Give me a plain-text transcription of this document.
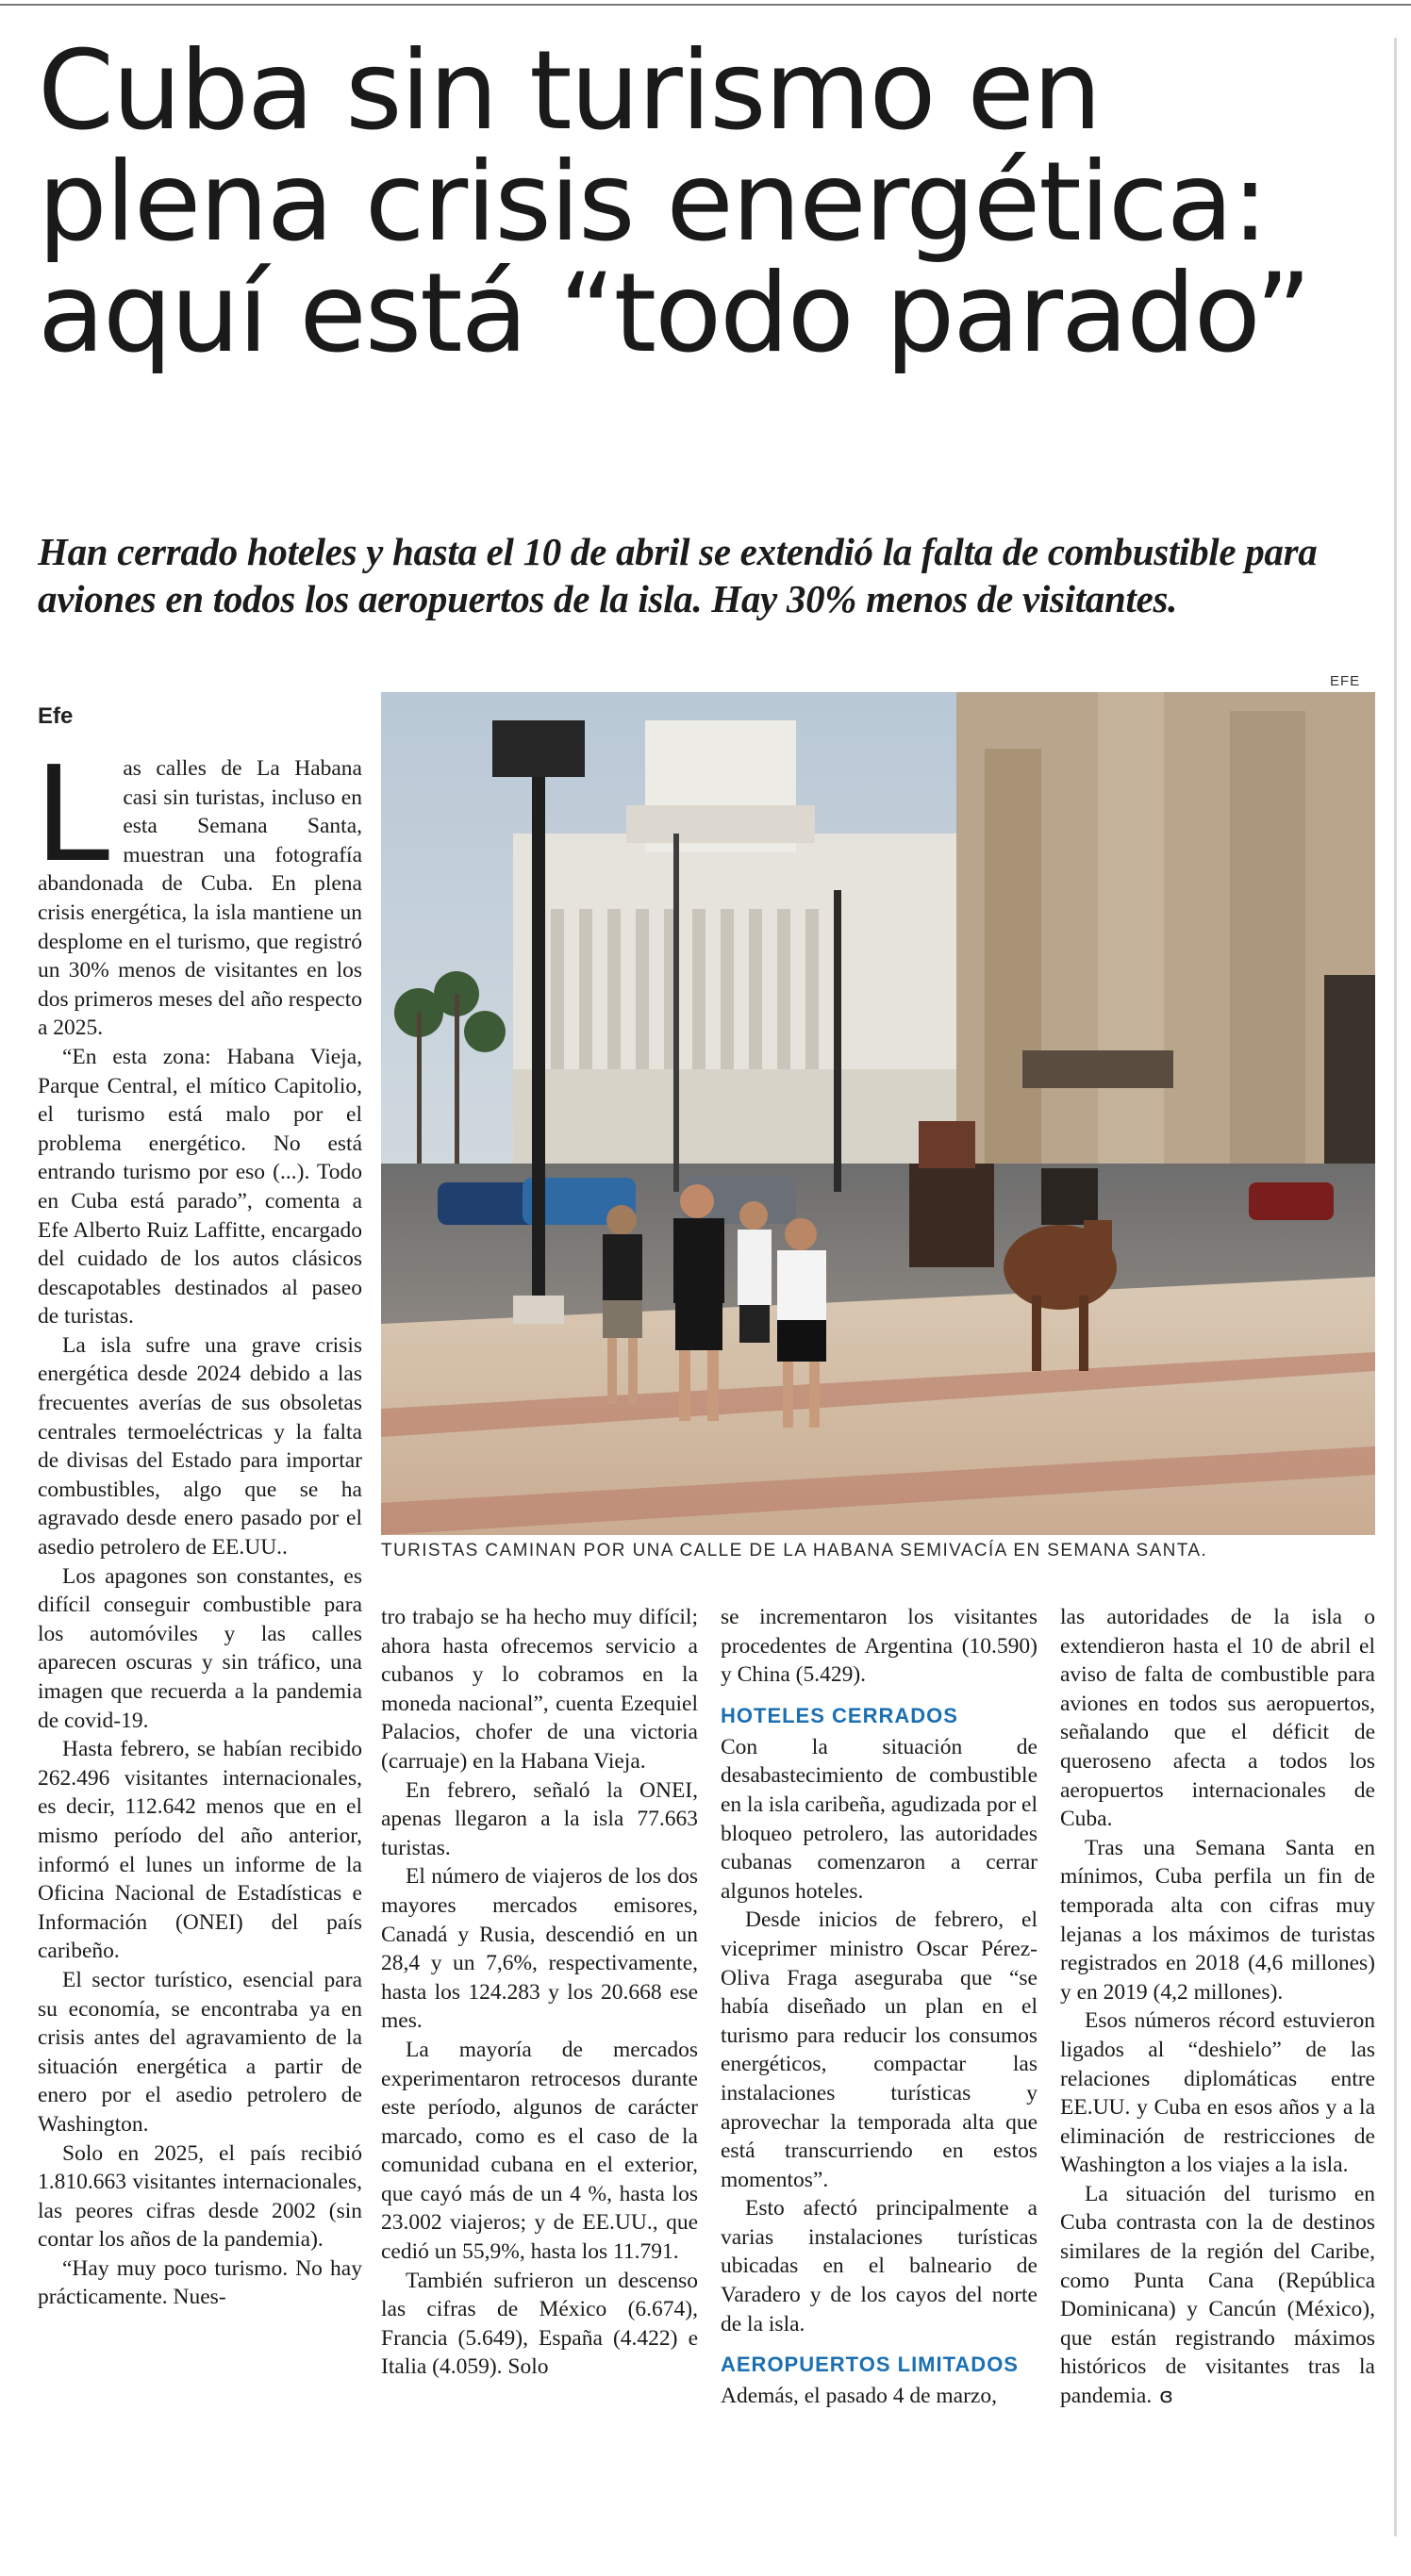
Cuba sin turismo en plena crisis energética: aquí está “todo parado”

Han cerrado hoteles y hasta el 10 de abril se extendió la falta de combustible para aviones en todos los aeropuertos de la isla. Hay 30% menos de visitantes.

Efe
EFE
TURISTAS CAMINAN POR UNA CALLE DE LA HABANA SEMIVACÍA EN SEMANA SANTA.

Las calles de La Habana casi sin turistas, incluso en esta Semana Santa, muestran una fotografía abandonada de Cuba. En plena crisis energética, la isla mantiene un desplome en el turismo, que registró un 30% menos de visitantes en los dos primeros meses del año respecto a 2025.

“En esta zona: Habana Vieja, Parque Central, el mítico Capitolio, el turismo está malo por el problema energético. No está entrando turismo por eso (...). Todo en Cuba está parado”, comenta a Efe Alberto Ruiz Laffitte, encargado del cuidado de los autos clásicos descapotables destinados al paseo de turistas.

La isla sufre una grave crisis energética desde 2024 debido a las frecuentes averías de sus obsoletas centrales termoeléctricas y la falta de divisas del Estado para importar combustibles, algo que se ha agravado desde enero pasado por el asedio petrolero de EE.UU..

Los apagones son constantes, es difícil conseguir combustible para los automóviles y las calles aparecen oscuras y sin tráfico, una imagen que recuerda a la pandemia de covid-19.

Hasta febrero, se habían recibido 262.496 visitantes internacionales, es decir, 112.642 menos que en el mismo período del año anterior, informó el lunes un informe de la Oficina Nacional de Estadísticas e Información (ONEI) del país caribeño.

El sector turístico, esencial para su economía, se encontraba ya en crisis antes del agravamiento de la situación energética a partir de enero por el asedio petrolero de Washington.

Solo en 2025, el país recibió 1.810.663 visitantes internacionales, las peores cifras desde 2002 (sin contar los años de la pandemia).

“Hay muy poco turismo. No hay prácticamente. Nues-

tro trabajo se ha hecho muy difícil; ahora hasta ofrecemos servicio a cubanos y lo cobramos en la moneda nacional”, cuenta Ezequiel Palacios, chofer de una victoria (carruaje) en la Habana Vieja.

En febrero, señaló la ONEI, apenas llegaron a la isla 77.663 turistas.

El número de viajeros de los dos mayores mercados emisores, Canadá y Rusia, descendió en un 28,4 y un 7,6%, respectivamente, hasta los 124.283 y los 20.668 ese mes.

La mayoría de mercados experimentaron retrocesos durante este período, algunos de carácter marcado, como es el caso de la comunidad cubana en el exterior, que cayó más de un 4 %, hasta los 23.002 viajeros; y de EE.UU., que cedió un 55,9%, hasta los 11.791.

También sufrieron un descenso las cifras de México (6.674), Francia (5.649), España (4.422) e Italia (4.059). Solo

se incrementaron los visitantes procedentes de Argentina (10.590) y China (5.429).

HOTELES CERRADOS

Con la situación de desabastecimiento de combustible en la isla caribeña, agudizada por el bloqueo petrolero, las autoridades cubanas comenzaron a cerrar algunos hoteles.

Desde inicios de febrero, el viceprimer ministro Oscar Pérez-Oliva Fraga aseguraba que “se había diseñado un plan en el turismo para reducir los consumos energéticos, compactar las instalaciones turísticas y aprovechar la temporada alta que está transcurriendo en estos momentos”.

Esto afectó principalmente a varias instalaciones turísticas ubicadas en el balneario de Varadero y de los cayos del norte de la isla.

AEROPUERTOS LIMITADOS

Además, el pasado 4 de marzo,

las autoridades de la isla o extendieron hasta el 10 de abril el aviso de falta de combustible para aviones en todos sus aeropuertos, señalando que el déficit de queroseno afecta a todos los aeropuertos internacionales de Cuba.

Tras una Semana Santa en mínimos, Cuba perfila un fin de temporada alta con cifras muy lejanas a los máximos de turistas registrados en 2018 (4,6 millones) y en 2019 (4,2 millones).

Esos números récord estuvieron ligados al “deshielo” de las relaciones diplomáticas entre EE.UU. y Cuba en esos años y a la eliminación de restricciones de Washington a los viajes a la isla.

La situación del turismo en Cuba contrasta con la de destinos similares de la región del Caribe, como Punta Cana (República Dominicana) y Cancún (México), que están registrando máximos históricos de visitantes tras la pandemia. ɞ
